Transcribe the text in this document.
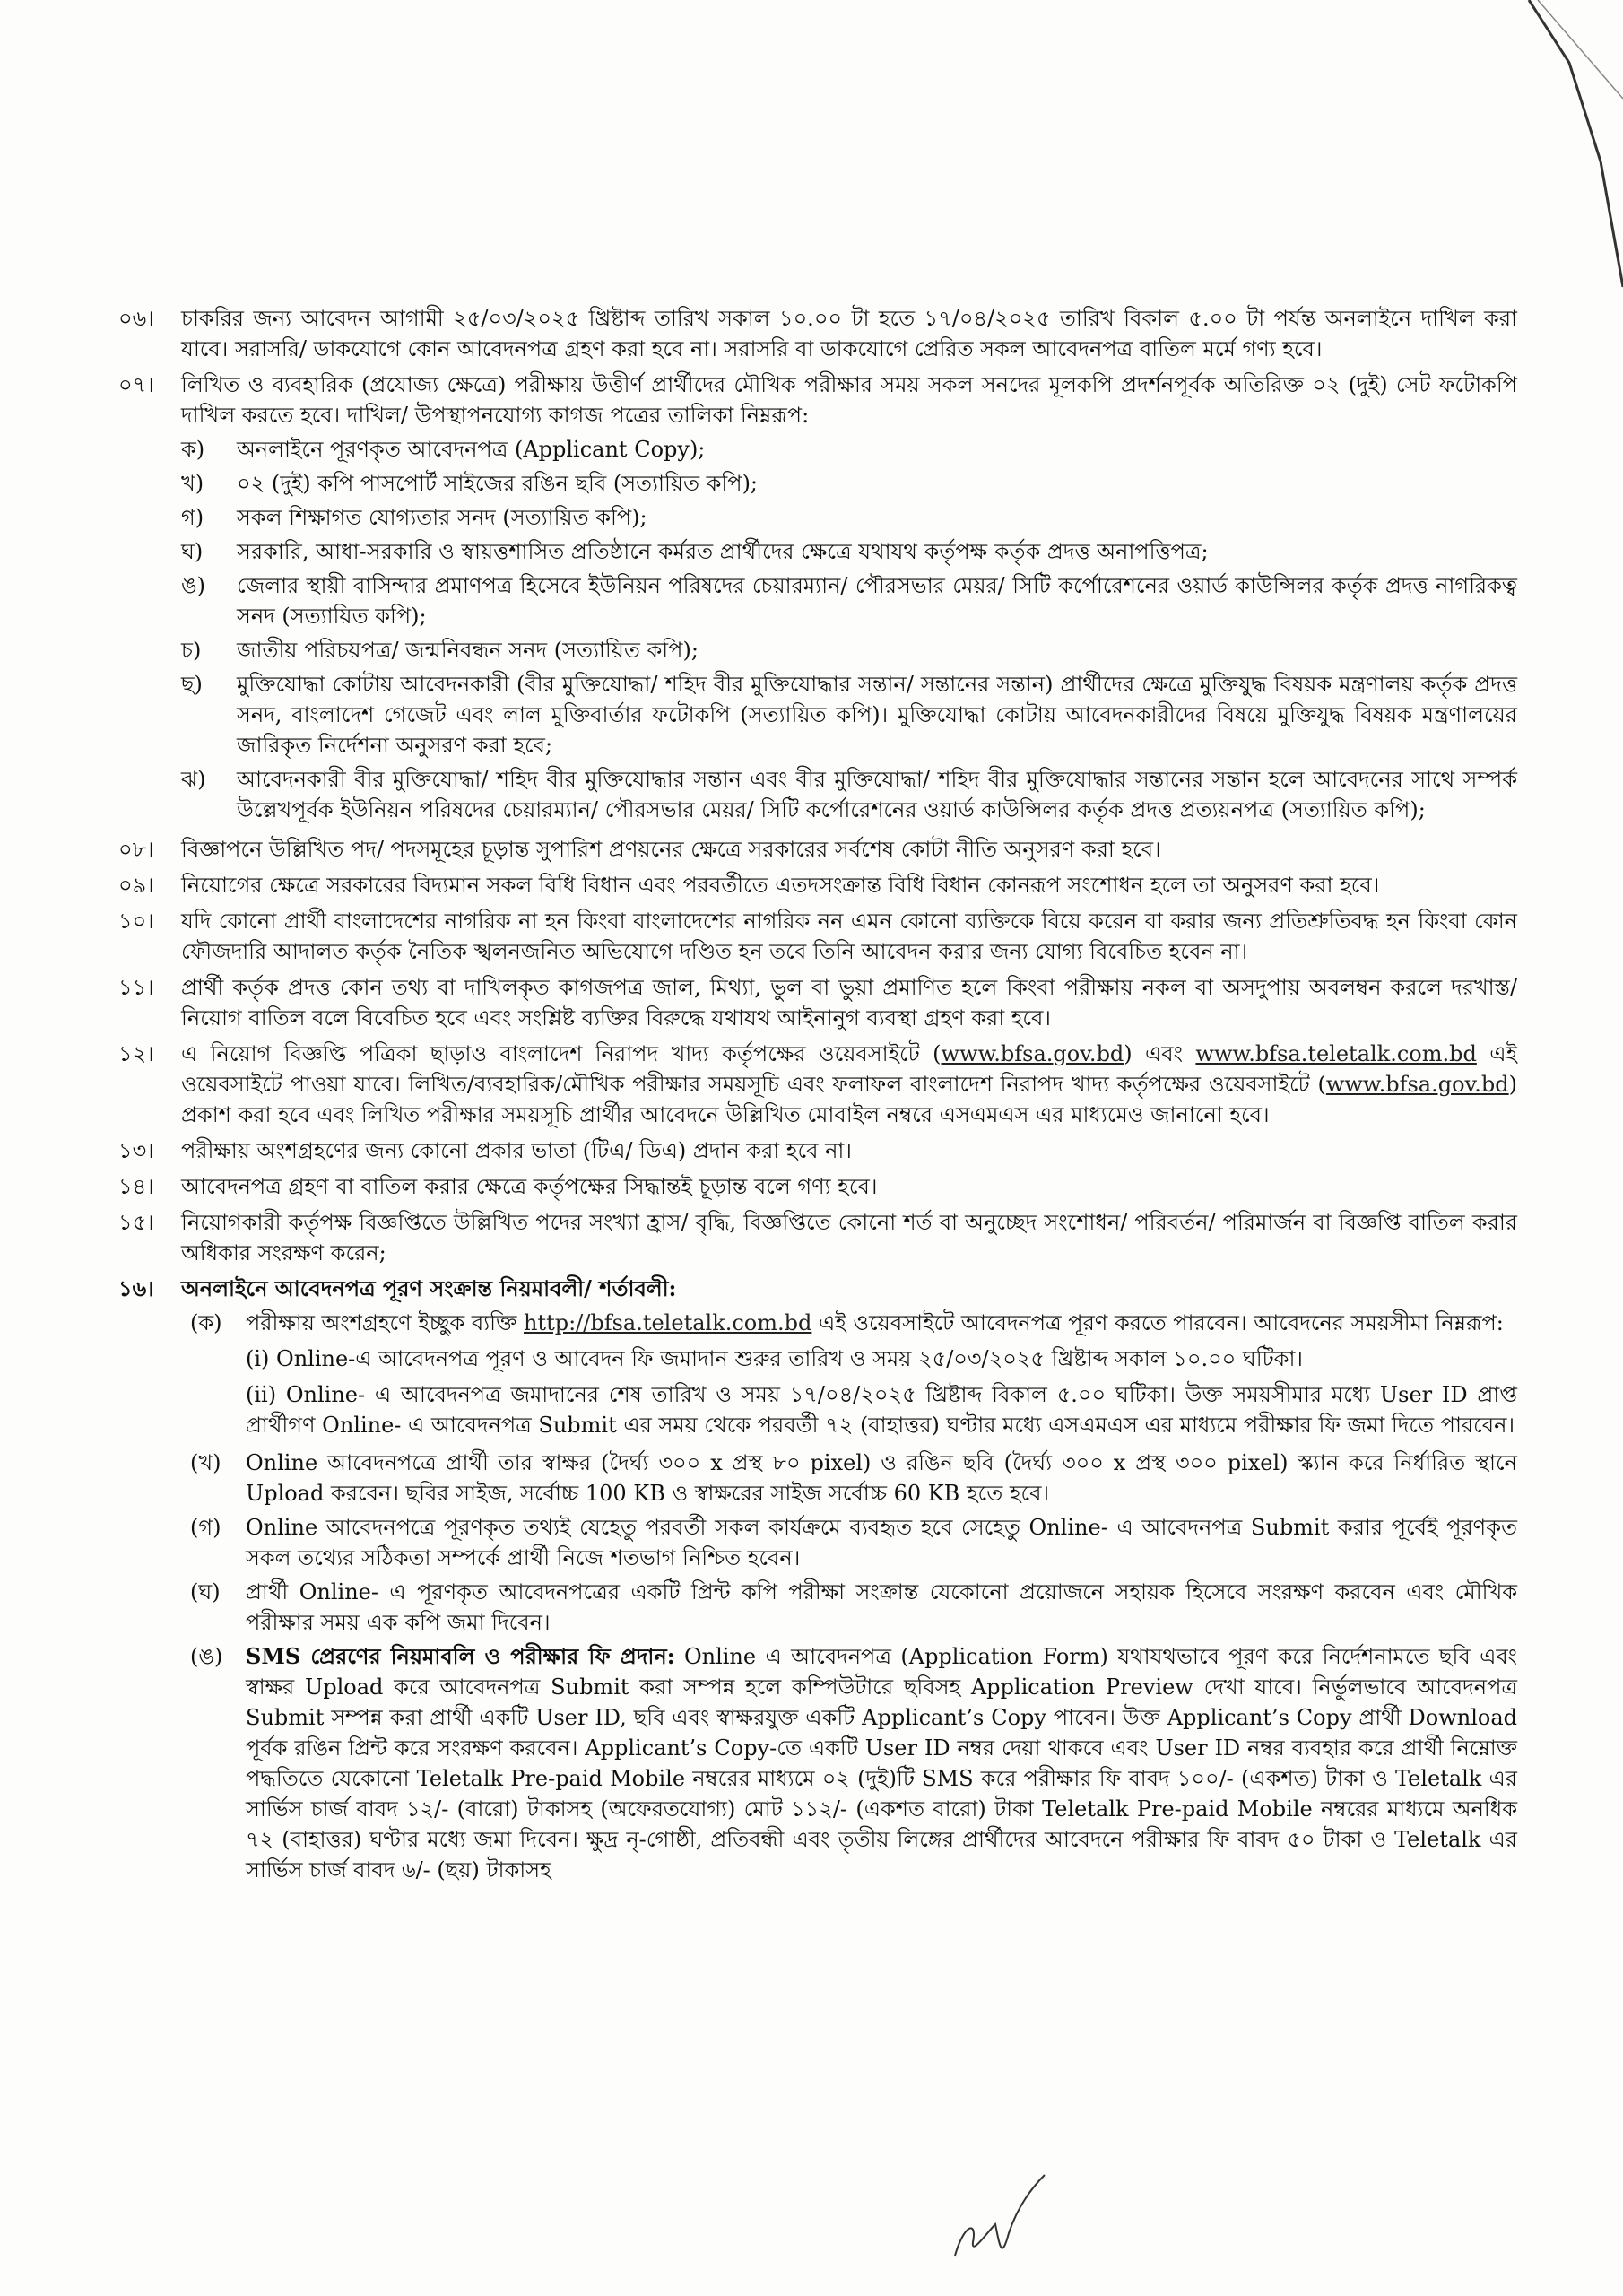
০৬।	চাকরির জন্য আবেদন আগামী ২৫/০৩/২০২৫ খ্রিষ্টাব্দ তারিখ সকাল ১০.০০ টা হতে ১৭/০৪/২০২৫ তারিখ বিকাল ৫.০০ টা পর্যন্ত অনলাইনে দাখিল করা যাবে। সরাসরি/ ডাকযোগে কোন আবেদনপত্র গ্রহণ করা হবে না। সরাসরি বা ডাকযোগে প্রেরিত সকল আবেদনপত্র বাতিল মর্মে গণ্য হবে।
০৭।	লিখিত ও ব্যবহারিক (প্রযোজ্য ক্ষেত্রে) পরীক্ষায় উত্তীর্ণ প্রার্থীদের মৌখিক পরীক্ষার সময় সকল সনদের মূলকপি প্রদর্শনপূর্বক অতিরিক্ত ০২ (দুই) সেট ফটোকপি দাখিল করতে হবে। দাখিল/ উপস্থাপনযোগ্য কাগজ পত্রের তালিকা নিম্নরূপ:
ক)	অনলাইনে পূরণকৃত আবেদনপত্র (Applicant Copy);
খ)	০২ (দুই) কপি পাসপোর্ট সাইজের রঙিন ছবি (সত্যায়িত কপি);
গ)	সকল শিক্ষাগত যোগ্যতার সনদ (সত্যায়িত কপি);
ঘ)	সরকারি, আধা-সরকারি ও স্বায়ত্তশাসিত প্রতিষ্ঠানে কর্মরত প্রার্থীদের ক্ষেত্রে যথাযথ কর্তৃপক্ষ কর্তৃক প্রদত্ত অনাপত্তিপত্র;
ঙ)	জেলার স্থায়ী বাসিন্দার প্রমাণপত্র হিসেবে ইউনিয়ন পরিষদের চেয়ারম্যান/ পৌরসভার মেয়র/ সিটি কর্পোরেশনের ওয়ার্ড কাউন্সিলর কর্তৃক প্রদত্ত নাগরিকত্ব সনদ (সত্যায়িত কপি);
চ)	জাতীয় পরিচয়পত্র/ জন্মনিবন্ধন সনদ (সত্যায়িত কপি);
ছ)	মুক্তিযোদ্ধা কোটায় আবেদনকারী (বীর মুক্তিযোদ্ধা/ শহিদ বীর মুক্তিযোদ্ধার সন্তান/ সন্তানের সন্তান) প্রার্থীদের ক্ষেত্রে মুক্তিযুদ্ধ বিষয়ক মন্ত্রণালয় কর্তৃক প্রদত্ত সনদ, বাংলাদেশ গেজেট এবং লাল মুক্তিবার্তার ফটোকপি (সত্যায়িত কপি)। মুক্তিযোদ্ধা কোটায় আবেদনকারীদের বিষয়ে মুক্তিযুদ্ধ বিষয়ক মন্ত্রণালয়ের জারিকৃত নির্দেশনা অনুসরণ করা হবে;
ঝ)	আবেদনকারী বীর মুক্তিযোদ্ধা/ শহিদ বীর মুক্তিযোদ্ধার সন্তান এবং বীর মুক্তিযোদ্ধা/ শহিদ বীর মুক্তিযোদ্ধার সন্তানের সন্তান হলে আবেদনের সাথে সম্পর্ক উল্লেখপূর্বক ইউনিয়ন পরিষদের চেয়ারম্যান/ পৌরসভার মেয়র/ সিটি কর্পোরেশনের ওয়ার্ড কাউন্সিলর কর্তৃক প্রদত্ত প্রত্যয়নপত্র (সত্যায়িত কপি);
০৮।	বিজ্ঞাপনে উল্লিখিত পদ/ পদসমূহের চূড়ান্ত সুপারিশ প্রণয়নের ক্ষেত্রে সরকারের সর্বশেষ কোটা নীতি অনুসরণ করা হবে।
০৯।	নিয়োগের ক্ষেত্রে সরকারের বিদ্যমান সকল বিধি বিধান এবং পরবর্তীতে এতদসংক্রান্ত বিধি বিধান কোনরূপ সংশোধন হলে তা অনুসরণ করা হবে।
১০।	যদি কোনো প্রার্থী বাংলাদেশের নাগরিক না হন কিংবা বাংলাদেশের নাগরিক নন এমন কোনো ব্যক্তিকে বিয়ে করেন বা করার জন্য প্রতিশ্রুতিবদ্ধ হন কিংবা কোন ফৌজদারি আদালত কর্তৃক নৈতিক স্খলনজনিত অভিযোগে দণ্ডিত হন তবে তিনি আবেদন করার জন্য যোগ্য বিবেচিত হবেন না।
১১।	প্রার্থী কর্তৃক প্রদত্ত কোন তথ্য বা দাখিলকৃত কাগজপত্র জাল, মিথ্যা, ভুল বা ভুয়া প্রমাণিত হলে কিংবা পরীক্ষায় নকল বা অসদুপায় অবলম্বন করলে দরখাস্ত/ নিয়োগ বাতিল বলে বিবেচিত হবে এবং সংশ্লিষ্ট ব্যক্তির বিরুদ্ধে যথাযথ আইনানুগ ব্যবস্থা গ্রহণ করা হবে।
১২।	এ নিয়োগ বিজ্ঞপ্তি পত্রিকা ছাড়াও বাংলাদেশ নিরাপদ খাদ্য কর্তৃপক্ষের ওয়েবসাইটে (www.bfsa.gov.bd) এবং www.bfsa.teletalk.com.bd এই ওয়েবসাইটে পাওয়া যাবে। লিখিত/ব্যবহারিক/মৌখিক পরীক্ষার সময়সূচি এবং ফলাফল বাংলাদেশ নিরাপদ খাদ্য কর্তৃপক্ষের ওয়েবসাইটে (www.bfsa.gov.bd) প্রকাশ করা হবে এবং লিখিত পরীক্ষার সময়সূচি প্রার্থীর আবেদনে উল্লিখিত মোবাইল নম্বরে এসএমএস এর মাধ্যমেও জানানো হবে।
১৩।	পরীক্ষায় অংশগ্রহণের জন্য কোনো প্রকার ভাতা (টিএ/ ডিএ) প্রদান করা হবে না।
১৪।	আবেদনপত্র গ্রহণ বা বাতিল করার ক্ষেত্রে কর্তৃপক্ষের সিদ্ধান্তই চূড়ান্ত বলে গণ্য হবে।
১৫।	নিয়োগকারী কর্তৃপক্ষ বিজ্ঞপ্তিতে উল্লিখিত পদের সংখ্যা হ্রাস/ বৃদ্ধি, বিজ্ঞপ্তিতে কোনো শর্ত বা অনুচ্ছেদ সংশোধন/ পরিবর্তন/ পরিমার্জন বা বিজ্ঞপ্তি বাতিল করার অধিকার সংরক্ষণ করেন;
১৬।	অনলাইনে আবেদনপত্র পূরণ সংক্রান্ত নিয়মাবলী/ শর্তাবলী:
(ক)	পরীক্ষায় অংশগ্রহণে ইচ্ছুক ব্যক্তি http://bfsa.teletalk.com.bd এই ওয়েবসাইটে আবেদনপত্র পূরণ করতে পারবেন। আবেদনের সময়সীমা নিম্নরূপ:
(i) Online-এ আবেদনপত্র পূরণ ও আবেদন ফি জমাদান শুরুর তারিখ ও সময় ২৫/০৩/২০২৫ খ্রিষ্টাব্দ সকাল ১০.০০ ঘটিকা।
(ii) Online- এ আবেদনপত্র জমাদানের শেষ তারিখ ও সময় ১৭/০৪/২০২৫ খ্রিষ্টাব্দ বিকাল ৫.০০ ঘটিকা। উক্ত সময়সীমার মধ্যে User ID প্রাপ্ত প্রার্থীগণ Online- এ আবেদনপত্র Submit এর সময় থেকে পরবর্তী ৭২ (বাহাত্তর) ঘণ্টার মধ্যে এসএমএস এর মাধ্যমে পরীক্ষার ফি জমা দিতে পারবেন।
(খ)	Online আবেদনপত্রে প্রার্থী তার স্বাক্ষর (দৈর্ঘ্য ৩০০ x প্রস্থ ৮০ pixel) ও রঙিন ছবি (দৈর্ঘ্য ৩০০ x প্রস্থ ৩০০ pixel) স্ক্যান করে নির্ধারিত স্থানে Upload করবেন। ছবির সাইজ, সর্বোচ্চ 100 KB ও স্বাক্ষরের সাইজ সর্বোচ্চ 60 KB হতে হবে।
(গ)	Online আবেদনপত্রে পূরণকৃত তথ্যই যেহেতু পরবর্তী সকল কার্যক্রমে ব্যবহৃত হবে সেহেতু Online- এ আবেদনপত্র Submit করার পূর্বেই পূরণকৃত সকল তথ্যের সঠিকতা সম্পর্কে প্রার্থী নিজে শতভাগ নিশ্চিত হবেন।
(ঘ)	প্রার্থী Online- এ পূরণকৃত আবেদনপত্রের একটি প্রিন্ট কপি পরীক্ষা সংক্রান্ত যেকোনো প্রয়োজনে সহায়ক হিসেবে সংরক্ষণ করবেন এবং মৌখিক পরীক্ষার সময় এক কপি জমা দিবেন।
(ঙ)	SMS প্রেরণের নিয়মাবলি ও পরীক্ষার ফি প্রদান: Online এ আবেদনপত্র (Application Form) যথাযথভাবে পূরণ করে নির্দেশনামতে ছবি এবং স্বাক্ষর Upload করে আবেদনপত্র Submit করা সম্পন্ন হলে কম্পিউটারে ছবিসহ Application Preview দেখা যাবে। নির্ভুলভাবে আবেদনপত্র Submit সম্পন্ন করা প্রার্থী একটি User ID, ছবি এবং স্বাক্ষরযুক্ত একটি Applicant’s Copy পাবেন। উক্ত Applicant’s Copy প্রার্থী Download পূর্বক রঙিন প্রিন্ট করে সংরক্ষণ করবেন। Applicant’s Copy-তে একটি User ID নম্বর দেয়া থাকবে এবং User ID নম্বর ব্যবহার করে প্রার্থী নিম্নোক্ত পদ্ধতিতে যেকোনো Teletalk Pre-paid Mobile নম্বরের মাধ্যমে ০২ (দুই)টি SMS করে পরীক্ষার ফি বাবদ ১০০/- (একশত) টাকা ও Teletalk এর সার্ভিস চার্জ বাবদ ১২/- (বারো) টাকাসহ (অফেরতযোগ্য) মোট ১১২/- (একশত বারো) টাকা Teletalk Pre-paid Mobile নম্বরের মাধ্যমে অনধিক ৭২ (বাহাত্তর) ঘণ্টার মধ্যে জমা দিবেন। ক্ষুদ্র নৃ-গোষ্ঠী, প্রতিবন্ধী এবং তৃতীয় লিঙ্গের প্রার্থীদের আবেদনে পরীক্ষার ফি বাবদ ৫০ টাকা ও Teletalk এর সার্ভিস চার্জ বাবদ ৬/- (ছয়) টাকাসহ
